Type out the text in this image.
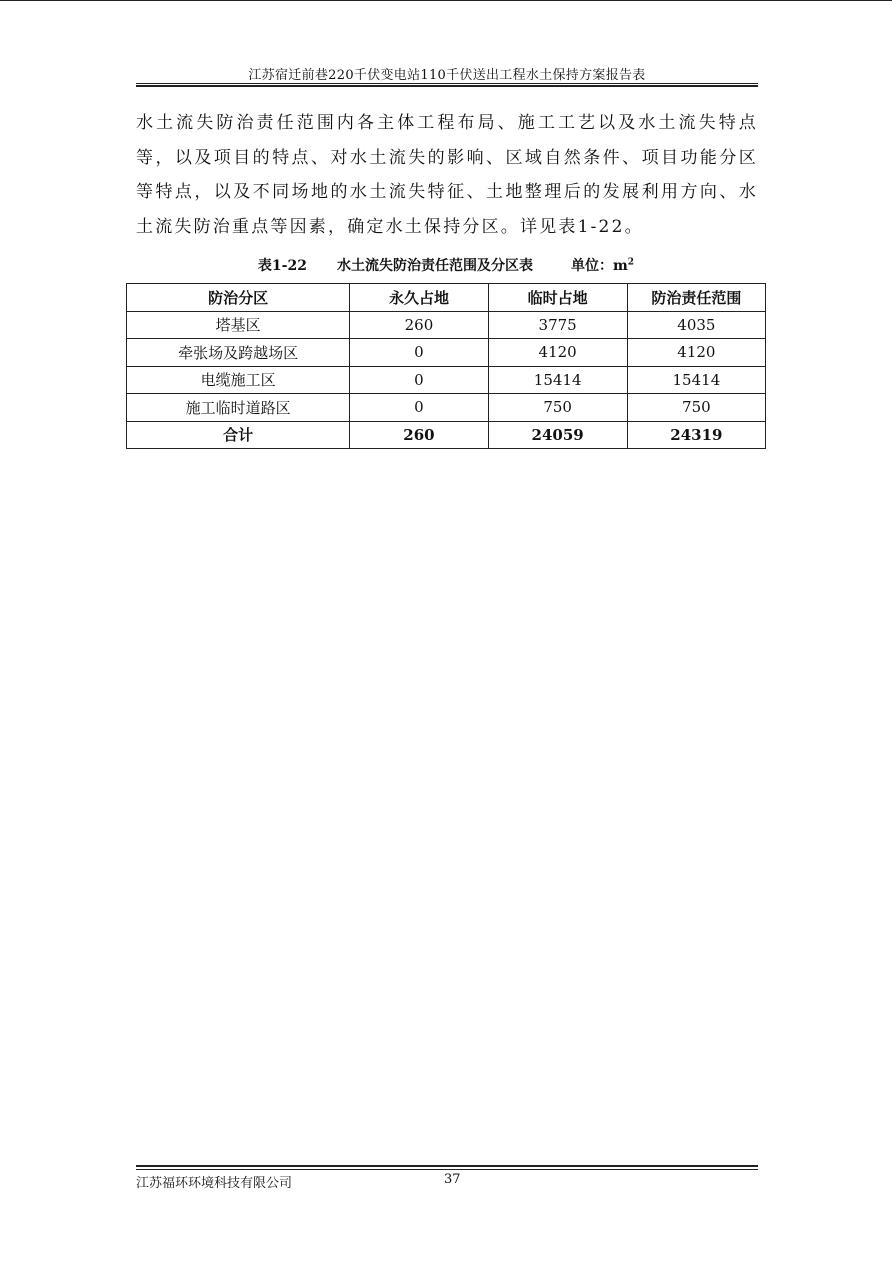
江苏宿迁前巷220千伏变电站110千伏送出工程水土保持方案报告表

水土流失防治责任范围内各主体工程布局、施工工艺以及水土流失特点等，以及项目的特点、对水土流失的影响、区域自然条件、项目功能分区等特点，以及不同场地的水土流失特征、土地整理后的发展利用方向、水土流失防治重点等因素，确定水土保持分区。详见表1-22。

表1-22 水土流失防治责任范围及分区表	单位：$m^2$
防治分区	永久占地	临时占地	防治责任范围
塔基区	260	3775	4035
牵张场及跨越场区	0	4120	4120
电缆施工区	0	15414	15414
施工临时道路区	0	750	750
合计	260	24059	24319
江苏福环环境科技有限公司	37
